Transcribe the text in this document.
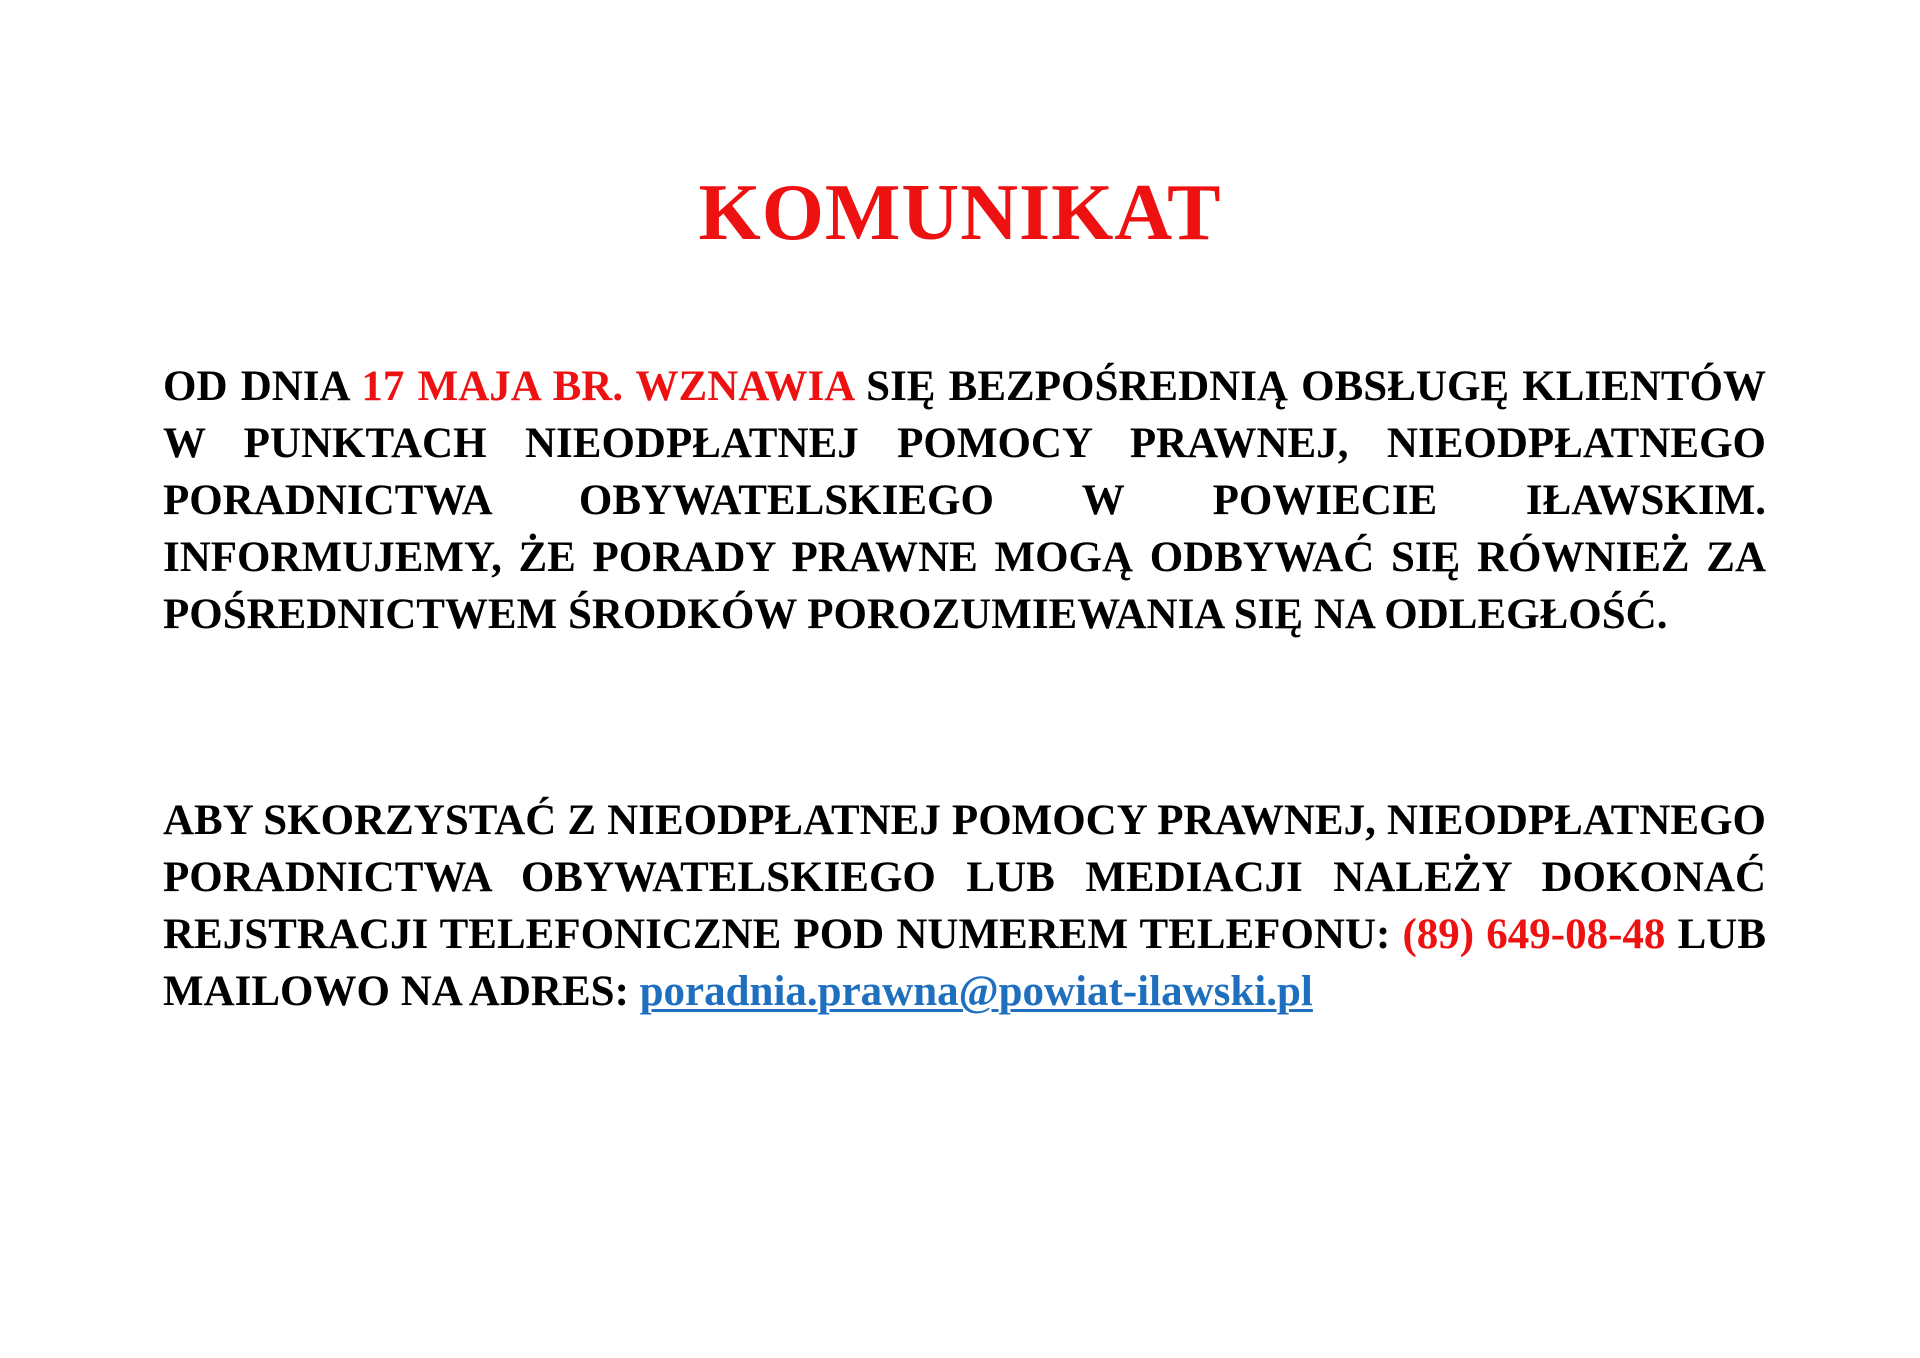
KOMUNIKAT

OD DNIA 17 MAJA BR. WZNAWIA SIĘ BEZPOŚREDNIĄ OBSŁUGĘ KLIENTÓW W PUNKTACH NIEODPŁATNEJ POMOCY PRAWNEJ, NIEODPŁATNEGO PORADNICTWA OBYWATELSKIEGO W POWIECIE IŁAWSKIM. INFORMUJEMY, ŻE PORADY PRAWNE MOGĄ ODBYWAĆ SIĘ RÓWNIEŻ ZA POŚREDNICTWEM ŚRODKÓW POROZUMIEWANIA SIĘ NA ODLEGŁOŚĆ.

ABY SKORZYSTAĆ Z NIEODPŁATNEJ POMOCY PRAWNEJ, NIEODPŁATNEGO PORADNICTWA OBYWATELSKIEGO LUB MEDIACJI NALEŻY DOKONAĆ REJSTRACJI TELEFONICZNE POD NUMEREM TELEFONU: (89) 649-08-48 LUB MAILOWO NA ADRES: poradnia.prawna@powiat-ilawski.pl
